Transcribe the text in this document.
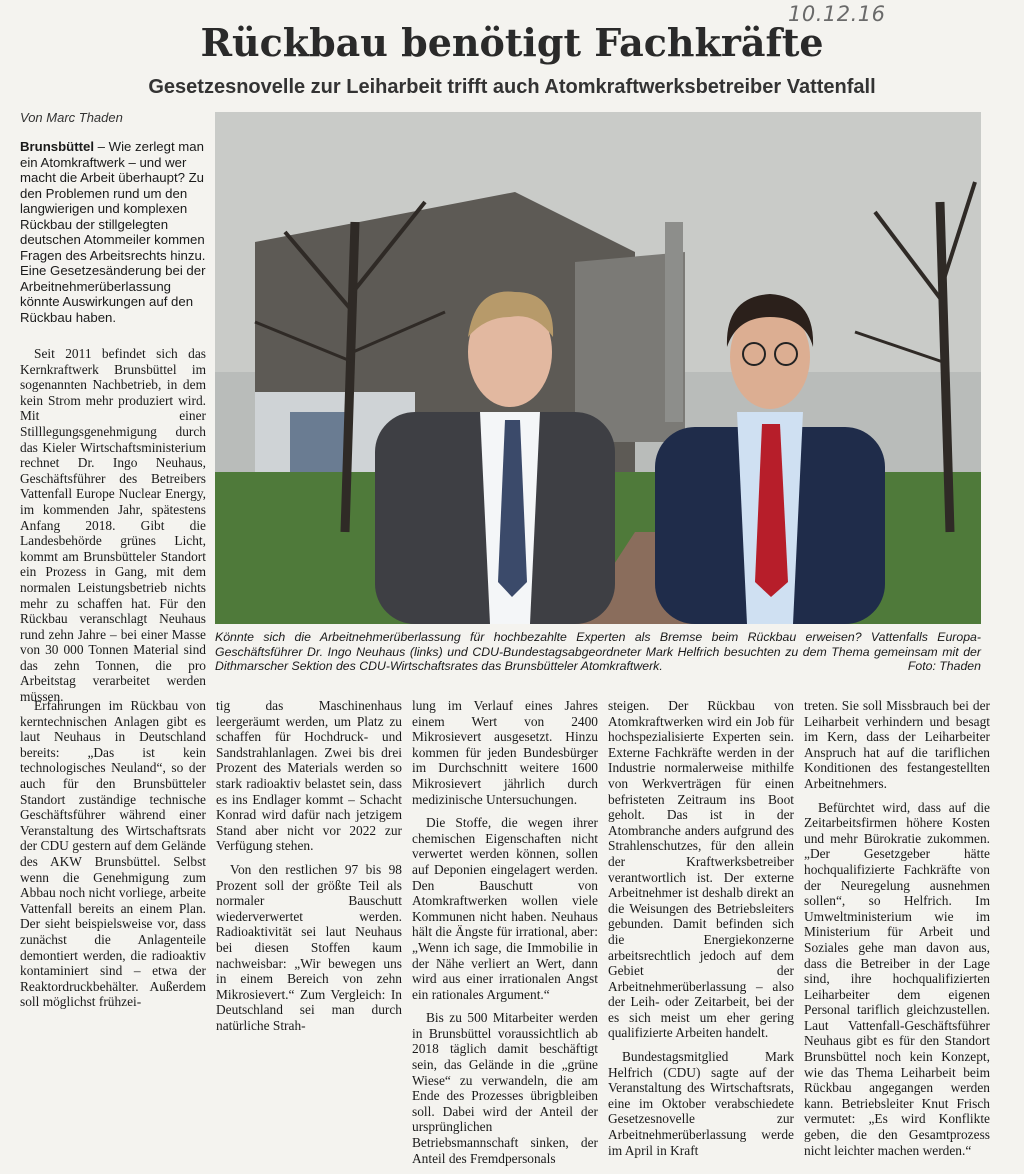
10.12.16
Rückbau benötigt Fachkräfte
Gesetzesnovelle zur Leiharbeit trifft auch Atomkraftwerksbetreiber Vattenfall
Von Marc Thaden

Brunsbüttel – Wie zerlegt man ein Atomkraftwerk – und wer macht die Arbeit überhaupt? Zu den Problemen rund um den langwierigen und komplexen Rückbau der stillgelegten deutschen Atommeiler kommen Fragen des Arbeitsrechts hinzu. Eine Gesetzesänderung bei der Arbeitnehmerüberlassung könnte Auswirkungen auf den Rückbau haben.

Könnte sich die Arbeitnehmerüberlassung für hochbezahlte Experten als Bremse beim Rückbau erweisen? Vattenfalls Europa-Geschäftsführer Dr. Ingo Neuhaus (links) und CDU-Bundestagsabgeordneter Mark Helfrich besuchten zu dem Thema gemeinsam mit der Dithmarscher Sektion des CDU-Wirtschaftsrates das Brunsbütteler Atomkraftwerk.	Foto: Thaden

Seit 2011 befindet sich das Kernkraftwerk Brunsbüttel im sogenannten Nachbetrieb, in dem kein Strom mehr produziert wird. Mit einer Stilllegungsgenehmigung durch das Kieler Wirtschaftsministerium rechnet Dr. Ingo Neuhaus, Geschäftsführer des Betreibers Vattenfall Europe Nuclear Energy, im kommenden Jahr, spätestens Anfang 2018. Gibt die Landesbehörde grünes Licht, kommt am Brunsbütteler Standort ein Prozess in Gang, mit dem normalen Leistungsbetrieb nichts mehr zu schaffen hat. Für den Rückbau veranschlagt Neuhaus rund zehn Jahre – bei einer Masse von 30 000 Tonnen Material sind das zehn Tonnen, die pro Arbeitstag verarbeitet werden müssen.

Erfahrungen im Rückbau von kerntechnischen Anlagen gibt es laut Neuhaus in Deutschland bereits: „Das ist kein technologisches Neuland“, so der auch für den Brunsbütteler Standort zuständige technische Geschäftsführer während einer Veranstaltung des Wirtschaftsrats der CDU gestern auf dem Gelände des AKW Brunsbüttel. Selbst wenn die Genehmigung zum Abbau noch nicht vorliege, arbeite Vattenfall bereits an einem Plan. Der sieht beispielsweise vor, dass zunächst die Anlagenteile demontiert werden, die radioaktiv kontaminiert sind – etwa der Reaktordruckbehälter. Außerdem soll möglichst frühzei-

tig das Maschinenhaus leergeräumt werden, um Platz zu schaffen für Hochdruck- und Sandstrahlanlagen. Zwei bis drei Prozent des Materials werden so stark radioaktiv belastet sein, dass es ins Endlager kommt – Schacht Konrad wird dafür nach jetzigem Stand aber nicht vor 2022 zur Verfügung stehen.

Von den restlichen 97 bis 98 Prozent soll der größte Teil als normaler Bauschutt wiederverwertet werden. Radioaktivität sei laut Neuhaus bei diesen Stoffen kaum nachweisbar: „Wir bewegen uns in einem Bereich von zehn Mikrosievert.“ Zum Vergleich: In Deutschland sei man durch natürliche Strah-

lung im Verlauf eines Jahres einem Wert von 2400 Mikrosievert ausgesetzt. Hinzu kommen für jeden Bundesbürger im Durchschnitt weitere 1600 Mikrosievert jährlich durch medizinische Untersuchungen.

Die Stoffe, die wegen ihrer chemischen Eigenschaften nicht verwertet werden können, sollen auf Deponien eingelagert werden. Den Bauschutt von Atomkraftwerken wollen viele Kommunen nicht haben. Neuhaus hält die Ängste für irrational, aber: „Wenn ich sage, die Immobilie in der Nähe verliert an Wert, dann wird aus einer irrationalen Angst ein rationales Argument.“

Bis zu 500 Mitarbeiter werden in Brunsbüttel voraussichtlich ab 2018 täglich damit beschäftigt sein, das Gelände in die „grüne Wiese“ zu verwandeln, die am Ende des Prozesses übrigbleiben soll. Dabei wird der Anteil der ursprünglichen Betriebsmannschaft sinken, der Anteil des Fremdpersonals

steigen. Der Rückbau von Atomkraftwerken wird ein Job für hochspezialisierte Experten sein. Externe Fachkräfte werden in der Industrie normalerweise mithilfe von Werkverträgen für einen befristeten Zeitraum ins Boot geholt. Das ist in der Atombranche anders aufgrund des Strahlenschutzes, für den allein der Kraftwerksbetreiber verantwortlich ist. Der externe Arbeitnehmer ist deshalb direkt an die Weisungen des Betriebsleiters gebunden. Damit befinden sich die Energiekonzerne arbeitsrechtlich jedoch auf dem Gebiet der Arbeitnehmerüberlassung – also der Leih- oder Zeitarbeit, bei der es sich meist um eher gering qualifizierte Arbeiten handelt.

Bundestagsmitglied Mark Helfrich (CDU) sagte auf der Veranstaltung des Wirtschaftsrats, eine im Oktober verabschiedete Gesetzesnovelle zur Arbeitnehmerüberlassung werde im April in Kraft

treten. Sie soll Missbrauch bei der Leiharbeit verhindern und besagt im Kern, dass der Leiharbeiter Anspruch hat auf die tariflichen Konditionen des festangestellten Arbeitnehmers.

Befürchtet wird, dass auf die Zeitarbeitsfirmen höhere Kosten und mehr Bürokratie zukommen. „Der Gesetzgeber hätte hochqualifizierte Fachkräfte von der Neuregelung ausnehmen sollen“, so Helfrich. Im Umweltministerium wie im Ministerium für Arbeit und Soziales gehe man davon aus, dass die Betreiber in der Lage sind, ihre hochqualifizierten Leiharbeiter dem eigenen Personal tariflich gleichzustellen. Laut Vattenfall-Geschäftsführer Neuhaus gibt es für den Standort Brunsbüttel noch kein Konzept, wie das Thema Leiharbeit beim Rückbau angegangen werden kann. Betriebsleiter Knut Frisch vermutet: „Es wird Konflikte geben, die den Gesamtprozess nicht leichter machen werden.“
